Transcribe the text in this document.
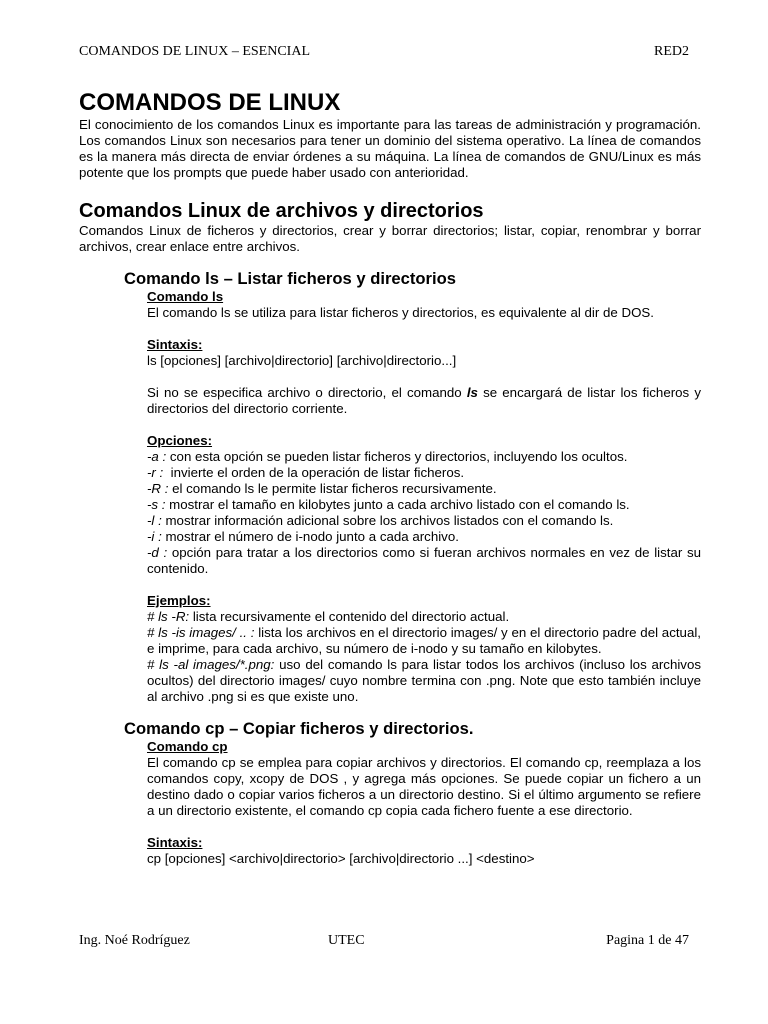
COMANDOS DE LINUX – ESENCIAL	RED2
COMANDOS DE LINUX

El conocimiento de los comandos Linux es importante para las tareas de administración y programación. Los comandos Linux son necesarios para tener un dominio del sistema operativo. La línea de comandos es la manera más directa de enviar órdenes a su máquina. La línea de comandos de GNU/Linux es más potente que los prompts que puede haber usado con anterioridad.

Comandos Linux de archivos y directorios

Comandos Linux de ficheros y directorios, crear y borrar directorios; listar, copiar, renombrar y borrar archivos, crear enlace entre archivos.

Comando ls – Listar ficheros y directorios
Comando ls

El comando ls se utiliza para listar ficheros y directorios, es equivalente al dir de DOS.

Sintaxis:

ls [opciones] [archivo|directorio] [archivo|directorio...]

Si no se especifica archivo o directorio, el comando ls se encargará de listar los ficheros y directorios del directorio corriente.

Opciones:

-a : con esta opción se pueden listar ficheros y directorios, incluyendo los ocultos.

-r :  invierte el orden de la operación de listar ficheros.

-R : el comando ls le permite listar ficheros recursivamente.

-s : mostrar el tamaño en kilobytes junto a cada archivo listado con el comando ls.

-l : mostrar información adicional sobre los archivos listados con el comando ls.

-i : mostrar el número de i-nodo junto a cada archivo.

-d : opción para tratar a los directorios como si fueran archivos normales en vez de listar su contenido.

Ejemplos:

# ls -R: lista recursivamente el contenido del directorio actual.

# ls -is images/ .. : lista los archivos en el directorio images/ y en el directorio padre del actual, e imprime, para cada archivo, su número de i-nodo y su tamaño en kilobytes.

# ls -al images/*.png: uso del comando ls para listar todos los archivos (incluso los archivos ocultos) del directorio images/ cuyo nombre termina con .png. Note que esto también incluye al archivo .png si es que existe uno.

Comando cp – Copiar ficheros y directorios.
Comando cp

El comando cp se emplea para copiar archivos y directorios. El comando cp, reemplaza a los comandos copy, xcopy de DOS , y agrega más opciones. Se puede copiar un fichero a un destino dado o copiar varios ficheros a un directorio destino. Si el último argumento se refiere a un directorio existente, el comando cp copia cada fichero fuente a ese directorio.

Sintaxis:

cp [opciones] <archivo|directorio> [archivo|directorio ...] <destino>

Ing. Noé Rodríguez	UTEC	Pagina 1 de 47
